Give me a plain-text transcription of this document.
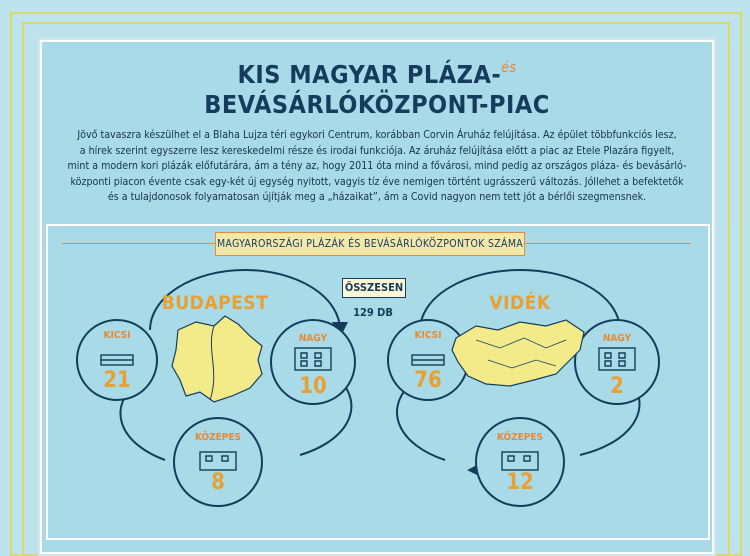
KIS MAGYAR PLÁZA-$^{és}$
BEVÁSÁRLÓKÖZPONT-PIAC

Jövő tavaszra készülhet el a Blaha Lujza téri egykori Centrum, korábban Corvin Áruház felújítása. Az épület többfunkciós lesz,

a hírek szerint egyszerre lesz kereskedelmi része és irodai funkciója. Az áruház felújítása előtt a piac az Etele Plazára figyelt,

mint a modern kori plázák előfutárára, ám a tény az, hogy 2011 óta mind a fővárosi, mind pedig az országos pláza- és bevásárló-

központi piacon évente csak egy-két új egység nyitott, vagyis tíz éve nemigen történt ugrásszerű változás. Jóllehet a befektetők

és a tulajdonosok folyamatosan újítják meg a „házaikat”, ám a Covid nagyon nem tett jót a bérlői szegmensnek.

MAGYARORSZÁGI PLÁZÁK ÉS BEVÁSÁRLÓKÖZPONTOK SZÁMA
ÖSSZESEN
129 DB
BUDAPEST
KICSI
21
NAGY
10
KÖZEPES
8
VIDÉK
KICSI
76
NAGY
2
KÖZEPES
12
